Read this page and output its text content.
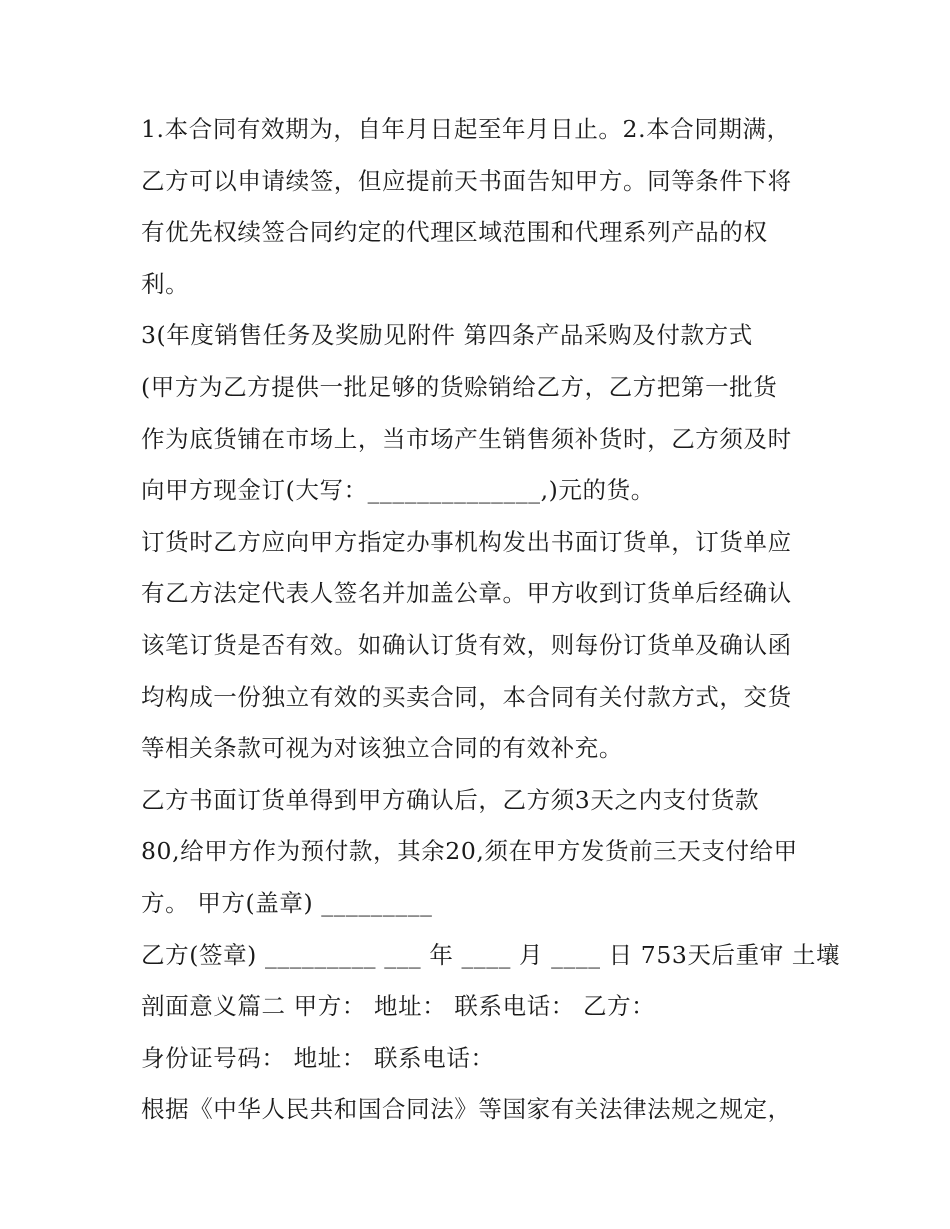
1.本合同有效期为，自年月日起至年月日止。2.本合同期满，
乙方可以申请续签，但应提前天书面告知甲方。同等条件下将
有优先权续签合同约定的代理区域范围和代理系列产品的权
利。
3(年度销售任务及奖励见附件 第四条产品采购及付款方式
(甲方为乙方提供一批足够的货赊销给乙方，乙方把第一批货
作为底货铺在市场上，当市场产生销售须补货时，乙方须及时
向甲方现金订(大写：______________,)元的货。
订货时乙方应向甲方指定办事机构发出书面订货单，订货单应
有乙方法定代表人签名并加盖公章。甲方收到订货单后经确认
该笔订货是否有效。如确认订货有效，则每份订货单及确认函
均构成一份独立有效的买卖合同，本合同有关付款方式，交货
等相关条款可视为对该独立合同的有效补充。
乙方书面订货单得到甲方确认后，乙方须3天之内支付货款
80,给甲方作为预付款，其余20,须在甲方发货前三天支付给甲
方。 甲方(盖章) _________
乙方(签章) _________ ___ 年 ____ 月 ____ 日 753天后重审 土壤
剖面意义篇二 甲方： 地址： 联系电话： 乙方：
身份证号码： 地址： 联系电话：
根据《中华人民共和国合同法》等国家有关法律法规之规定，
